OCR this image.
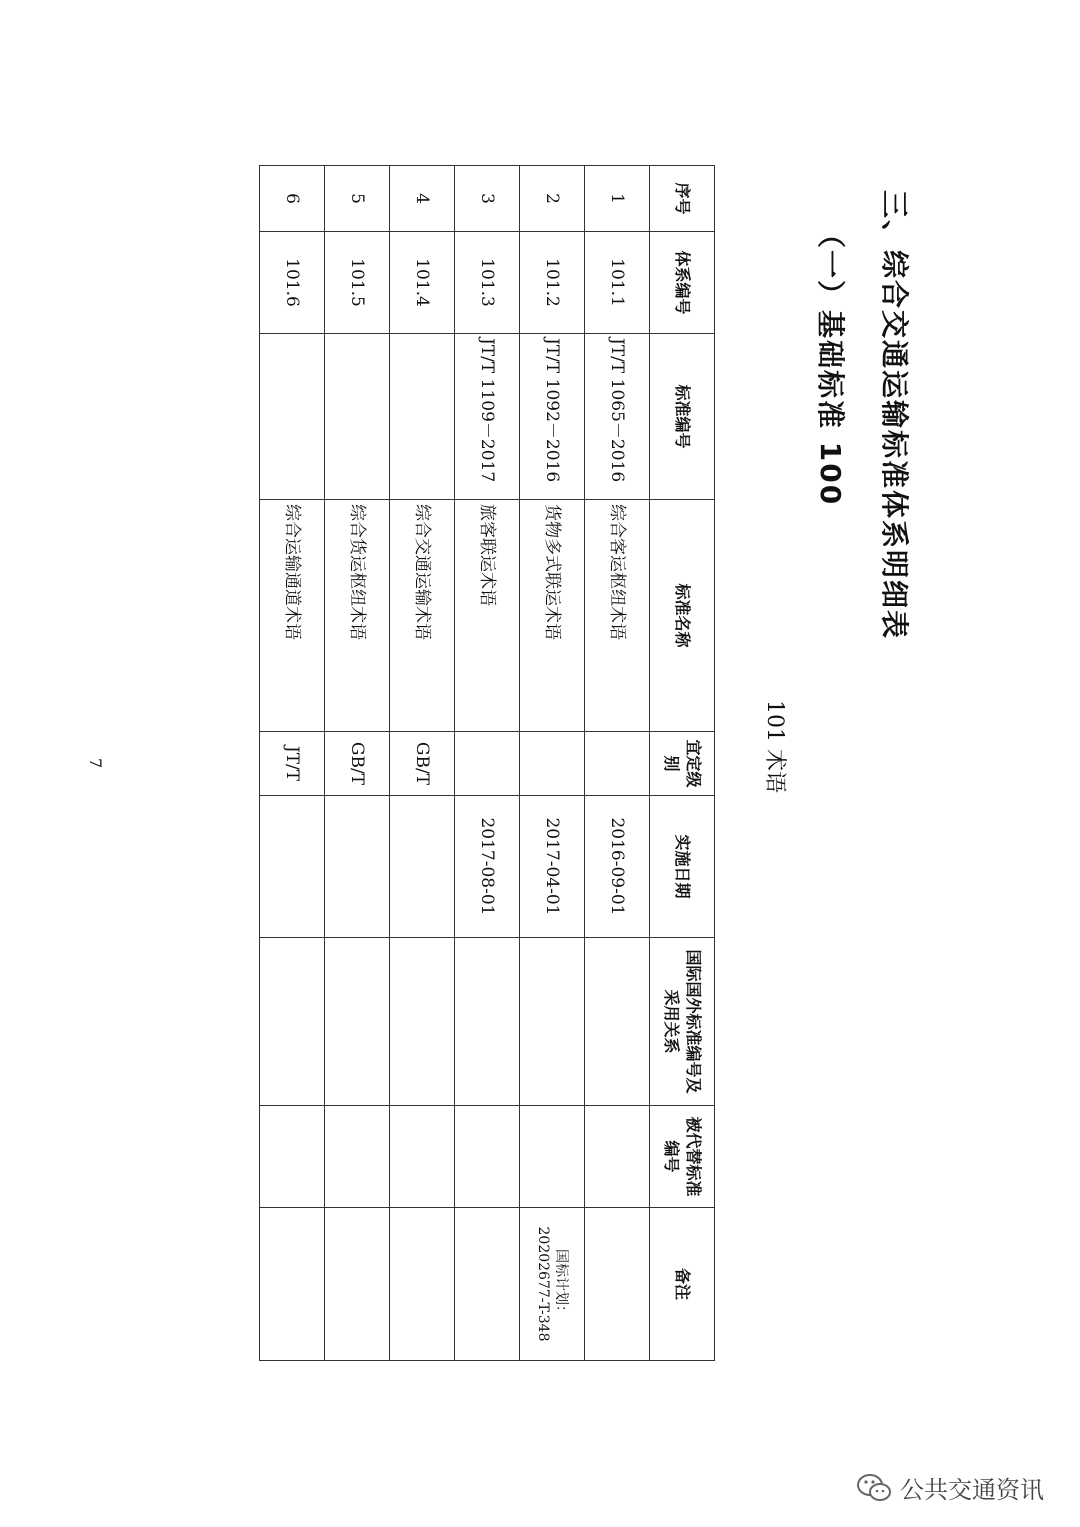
三、综合交通运输标准体系明细表
（一）基础标准 100
101 术语
序号	体系编号	标准编号	标准名称	宜定级别	实施日期	国际国外标准编号及采用关系	被代替标准编号	备注
1	101.1	JT/T 1065－2016	综合客运枢纽术语		2016-09-01			
2	101.2	JT/T 1092－2016	货物多式联运术语		2017-04-01			国标计划：20202677-T-348
3	101.3	JT/T 1109－2017	旅客联运术语		2017-08-01			
4	101.4		综合交通运输术语	GB/T				
5	101.5		综合货运枢纽术语	GB/T				
6	101.6		综合运输通道术语	JT/T				
7
公共交通资讯
